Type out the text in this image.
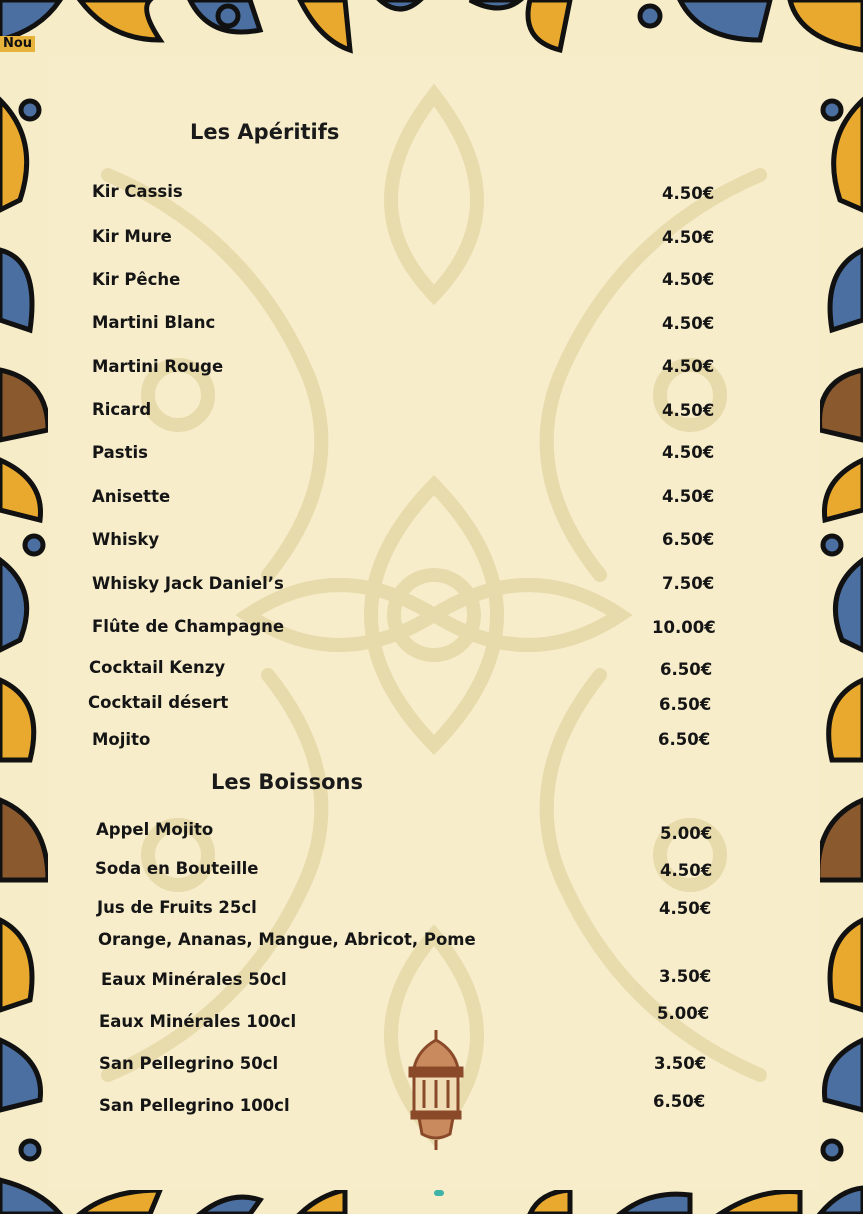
Nou
Les Apéritifs
Kir Cassis	4.50€
Kir Mure	4.50€
Kir Pêche	4.50€
Martini Blanc	4.50€
Martini Rouge	4.50€
Ricard	4.50€
Pastis	4.50€
Anisette	4.50€
Whisky	6.50€
Whisky Jack Daniel’s	7.50€
Flûte de Champagne	10.00€
Cocktail Kenzy	6.50€
Cocktail désert	6.50€
Mojito	6.50€
Les Boissons
Appel Mojito	5.00€
Soda en Bouteille	4.50€
Jus de Fruits 25cl	4.50€
Orange, Ananas, Mangue, Abricot, Pome
Eaux Minérales 50cl	3.50€
Eaux Minérales 100cl	5.00€
San Pellegrino 50cl	3.50€
San Pellegrino 100cl	6.50€
